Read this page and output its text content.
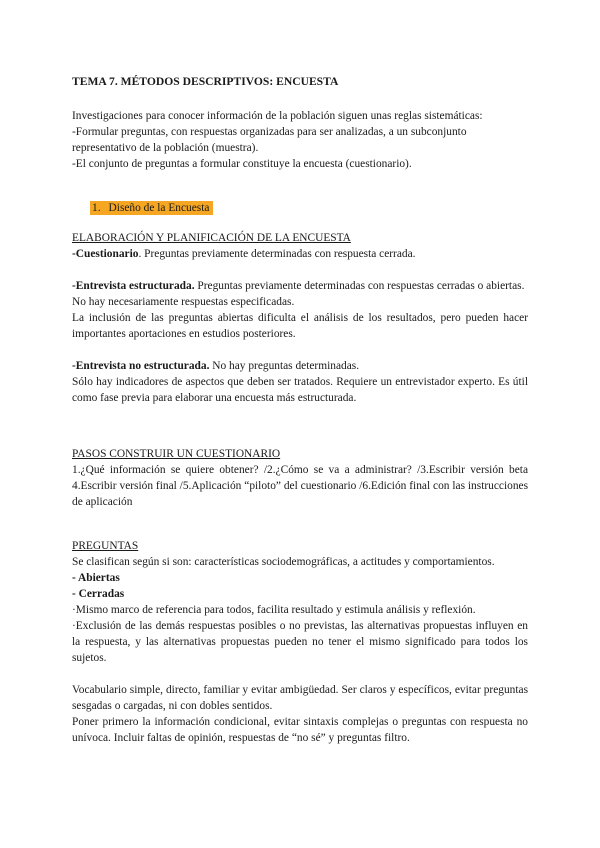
TEMA 7. MÉTODOS DESCRIPTIVOS: ENCUESTA

Investigaciones para conocer información de la población siguen unas reglas sistemáticas:

-Formular preguntas, con respuestas organizadas para ser analizadas, a un subconjunto representativo de la población (muestra).

-El conjunto de preguntas a formular constituye la encuesta (cuestionario).

1. Diseño de la Encuesta

ELABORACIÓN Y PLANIFICACIÓN DE LA ENCUESTA

-Cuestionario. Preguntas previamente determinadas con respuesta cerrada.

-Entrevista estructurada. Preguntas previamente determinadas con respuestas cerradas o abiertas.

No hay necesariamente respuestas especificadas.

La inclusión de las preguntas abiertas dificulta el análisis de los resultados, pero pueden hacer importantes aportaciones en estudios posteriores.

-Entrevista no estructurada. No hay preguntas determinadas.

Sólo hay indicadores de aspectos que deben ser tratados. Requiere un entrevistador experto. Es útil como fase previa para elaborar una encuesta más estructurada.

PASOS CONSTRUIR UN CUESTIONARIO

1.¿Qué información se quiere obtener? /2.¿Cómo se va a administrar? /3.Escribir versión beta 4.Escribir versión final /5.Aplicación “piloto” del cuestionario /6.Edición final con las instrucciones de aplicación

PREGUNTAS

Se clasifican según si son: características sociodemográficas, a actitudes y comportamientos.

- Abiertas

- Cerradas

·Mismo marco de referencia para todos, facilita resultado y estimula análisis y reflexión.

·Exclusión de las demás respuestas posibles o no previstas, las alternativas propuestas influyen en la respuesta, y las alternativas propuestas pueden no tener el mismo significado para todos los sujetos.

Vocabulario simple, directo, familiar y evitar ambigüedad. Ser claros y específicos, evitar preguntas sesgadas o cargadas, ni con dobles sentidos.

Poner primero la información condicional, evitar sintaxis complejas o preguntas con respuesta no unívoca. Incluir faltas de opinión, respuestas de “no sé” y preguntas filtro.
